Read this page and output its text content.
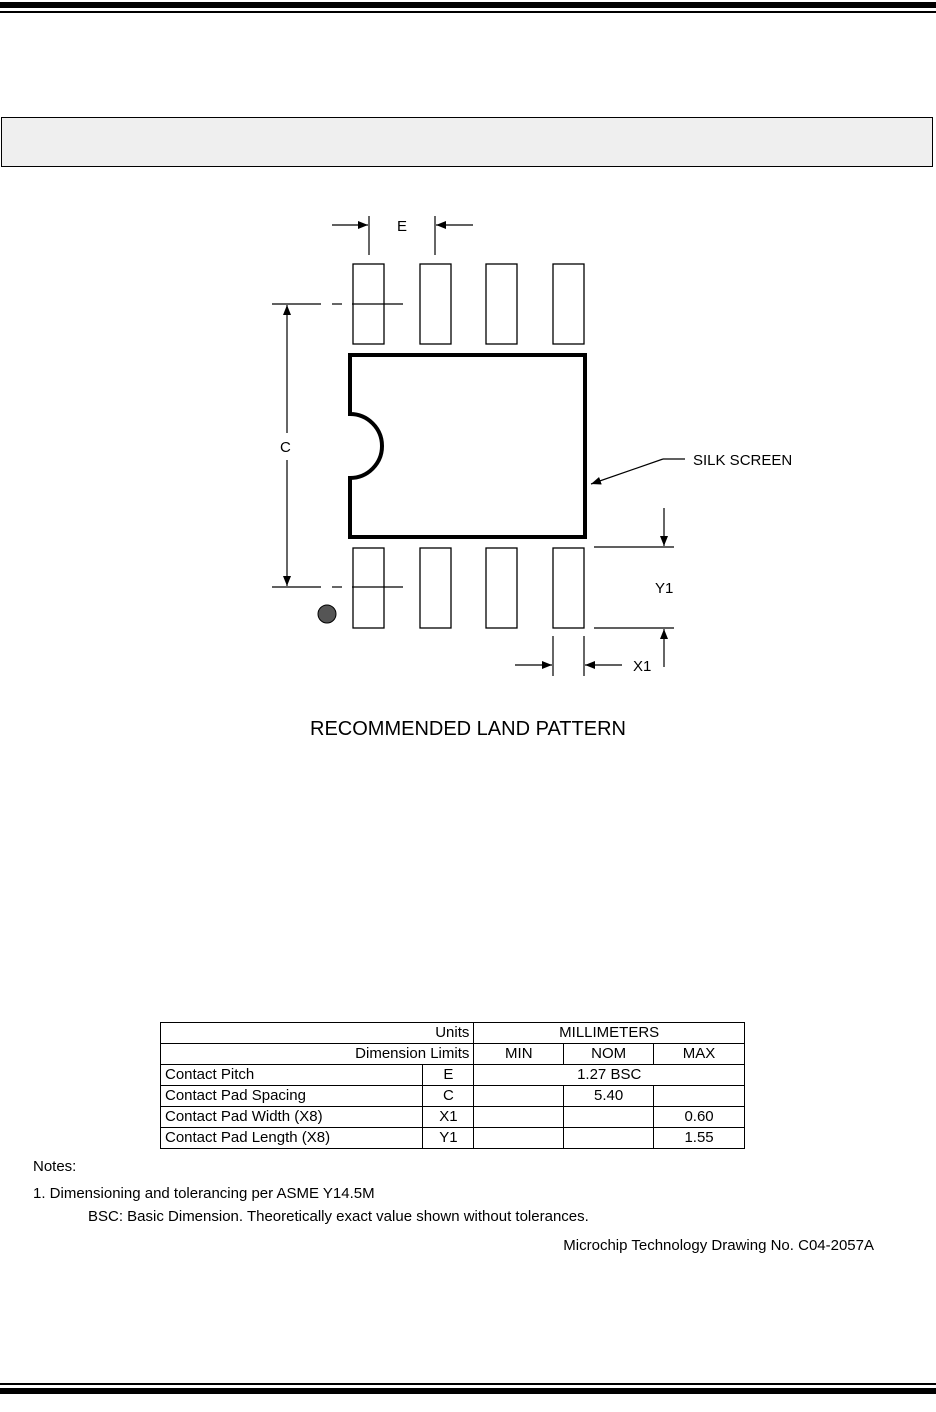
E
C
SILK SCREEN
Y1
X1
RECOMMENDED LAND PATTERN
Units		MILLIMETERS		
Dimension Limits		MIN	NOM	MAX
Contact Pitch	E	1.27 BSC		
Contact Pad Spacing	C		5.40	
Contact Pad Width (X8)	X1			0.60
Contact Pad Length (X8)	Y1			1.55
Notes:
1. Dimensioning and tolerancing per ASME Y14.5M
BSC: Basic Dimension. Theoretically exact value shown without tolerances.
Microchip Technology Drawing No. C04-2057A
